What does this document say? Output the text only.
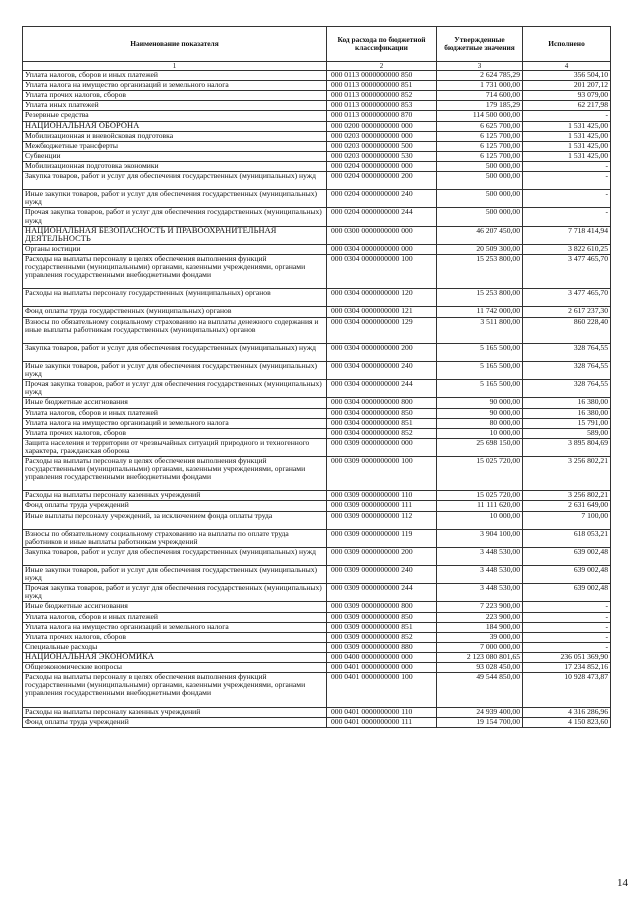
Наименование показателя	Код расхода по бюджетной классификации	Утвержденные бюджетные значения	Исполнено
1	2	3	4
Уплата налогов, сборов и иных платежей	000 0113 0000000000 850	2 624 785,29	356 504,10
Уплата налога на имущество организаций и земельного налога	000 0113 0000000000 851	1 731 000,00	201 207,12
Уплата прочих налогов, сборов	000 0113 0000000000 852	714 600,00	93 079,00
Уплата иных платежей	000 0113 0000000000 853	179 185,29	62 217,98
Резервные средства	000 0113 0000000000 870	114 500 000,00	-
НАЦИОНАЛЬНАЯ ОБОРОНА	000 0200 0000000000 000	6 625 700,00	1 531 425,00
Мобилизационная и вневойсковая подготовка	000 0203 0000000000 000	6 125 700,00	1 531 425,00
Межбюджетные трансферты	000 0203 0000000000 500	6 125 700,00	1 531 425,00
Субвенции	000 0203 0000000000 530	6 125 700,00	1 531 425,00
Мобилизационная подготовка экономики	000 0204 0000000000 000	500 000,00	-
Закупка товаров, работ и услуг для обеспечения государственных (муниципальных) нужд	000 0204 0000000000 200	500 000,00	-
Иные закупки товаров, работ и услуг для обеспечения государственных (муниципальных) нужд	000 0204 0000000000 240	500 000,00	-
Прочая закупка товаров, работ и услуг для обеспечения государственных (муниципальных) нужд	000 0204 0000000000 244	500 000,00	-
НАЦИОНАЛЬНАЯ БЕЗОПАСНОСТЬ И ПРАВООХРАНИТЕЛЬНАЯ ДЕЯТЕЛЬНОСТЬ	000 0300 0000000000 000	46 207 450,00	7 718 414,94
Органы юстиции	000 0304 0000000000 000	20 509 300,00	3 822 610,25
Расходы на выплаты персоналу в целях обеспечения выполнения функций государственными (муниципальными) органами, казенными учреждениями, органами управления государственными внебюджетными фондами	000 0304 0000000000 100	15 253 800,00	3 477 465,70
Расходы на выплаты персоналу государственных (муниципальных) органов	000 0304 0000000000 120	15 253 800,00	3 477 465,70
Фонд оплаты труда государственных (муниципальных) органов	000 0304 0000000000 121	11 742 000,00	2 617 237,30
Взносы по обязательному социальному страхованию на выплаты денежного содержания и иные выплаты работникам государственных (муниципальных) органов	000 0304 0000000000 129	3 511 800,00	860 228,40
Закупка товаров, работ и услуг для обеспечения государственных (муниципальных) нужд	000 0304 0000000000 200	5 165 500,00	328 764,55
Иные закупки товаров, работ и услуг для обеспечения государственных (муниципальных) нужд	000 0304 0000000000 240	5 165 500,00	328 764,55
Прочая закупка товаров, работ и услуг для обеспечения государственных (муниципальных) нужд	000 0304 0000000000 244	5 165 500,00	328 764,55
Иные бюджетные ассигнования	000 0304 0000000000 800	90 000,00	16 380,00
Уплата налогов, сборов и иных платежей	000 0304 0000000000 850	90 000,00	16 380,00
Уплата налога на имущество организаций и земельного налога	000 0304 0000000000 851	80 000,00	15 791,00
Уплата прочих налогов, сборов	000 0304 0000000000 852	10 000,00	589,00
Защита населения и территории от чрезвычайных ситуаций природного и техногенного характера, гражданская оборона	000 0309 0000000000 000	25 698 150,00	3 895 804,69
Расходы на выплаты персоналу в целях обеспечения выполнения функций государственными (муниципальными) органами, казенными учреждениями, органами управления государственными внебюджетными фондами	000 0309 0000000000 100	15 025 720,00	3 256 802,21
Расходы на выплаты персоналу казенных учреждений	000 0309 0000000000 110	15 025 720,00	3 256 802,21
Фонд оплаты труда учреждений	000 0309 0000000000 111	11 111 620,00	2 631 649,00
Иные выплаты персоналу учреждений, за исключением фонда оплаты труда	000 0309 0000000000 112	10 000,00	7 100,00
Взносы по обязательному социальному страхованию на выплаты по оплате труда работников и иные выплаты работникам учреждений	000 0309 0000000000 119	3 904 100,00	618 053,21
Закупка товаров, работ и услуг для обеспечения государственных (муниципальных) нужд	000 0309 0000000000 200	3 448 530,00	639 002,48
Иные закупки товаров, работ и услуг для обеспечения государственных (муниципальных) нужд	000 0309 0000000000 240	3 448 530,00	639 002,48
Прочая закупка товаров, работ и услуг для обеспечения государственных (муниципальных) нужд	000 0309 0000000000 244	3 448 530,00	639 002,48
Иные бюджетные ассигнования	000 0309 0000000000 800	7 223 900,00	-
Уплата налогов, сборов и иных платежей	000 0309 0000000000 850	223 900,00	-
Уплата налога на имущество организаций и земельного налога	000 0309 0000000000 851	184 900,00	-
Уплата прочих налогов, сборов	000 0309 0000000000 852	39 000,00	-
Специальные расходы	000 0309 0000000000 880	7 000 000,00	-
НАЦИОНАЛЬНАЯ ЭКОНОМИКА	000 0400 0000000000 000	2 123 080 801,65	236 051 369,90
Общеэкономические вопросы	000 0401 0000000000 000	93 028 450,00	17 234 852,16
Расходы на выплаты персоналу в целях обеспечения выполнения функций государственными (муниципальными) органами, казенными учреждениями, органами управления государственными внебюджетными фондами	000 0401 0000000000 100	49 544 850,00	10 928 473,87
Расходы на выплаты персоналу казенных учреждений	000 0401 0000000000 110	24 939 400,00	4 316 286,96
Фонд оплаты труда учреждений	000 0401 0000000000 111	19 154 700,00	4 150 823,60
14
